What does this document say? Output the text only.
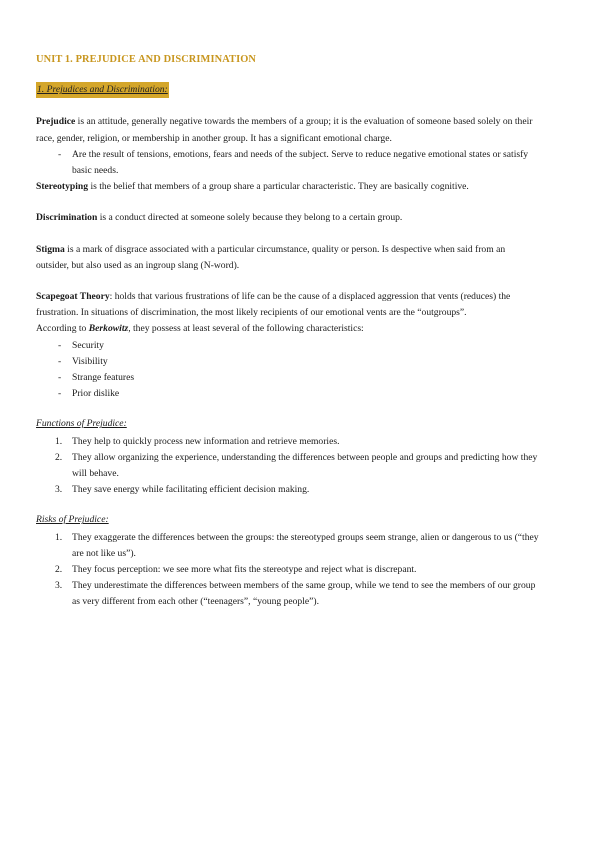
UNIT 1. PREJUDICE AND DISCRIMINATION
1. Prejudices and Discrimination:

Prejudice is an attitude, generally negative towards the members of a group; it is the evaluation of someone based solely on their race, gender, religion, or membership in another group. It has a significant emotional charge.

- Are the result of tensions, emotions, fears and needs of the subject. Serve to reduce negative emotional states or satisfy basic needs.

Stereotyping is the belief that members of a group share a particular characteristic. They are basically cognitive.

Discrimination is a conduct directed at someone solely because they belong to a certain group.

Stigma is a mark of disgrace associated with a particular circumstance, quality or person. Is despective when said from an outsider, but also used as an ingroup slang (N-word).

Scapegoat Theory: holds that various frustrations of life can be the cause of a displaced aggression that vents (reduces) the frustration. In situations of discrimination, the most likely recipients of our emotional vents are the “outgroups”.

According to Berkowitz, they possess at least several of the following characteristics:

- Security
- Visibility
- Strange features
- Prior dislike
Functions of Prejudice:
1. They help to quickly process new information and retrieve memories.
2. They allow organizing the experience, understanding the differences between people and groups and predicting how they will behave.
3. They save energy while facilitating efficient decision making.
Risks of Prejudice:
1. They exaggerate the differences between the groups: the stereotyped groups seem strange, alien or dangerous to us (“they are not like us”).
2. They focus perception: we see more what fits the stereotype and reject what is discrepant.
3. They underestimate the differences between members of the same group, while we tend to see the members of our group as very different from each other (“teenagers”, “young people”).
